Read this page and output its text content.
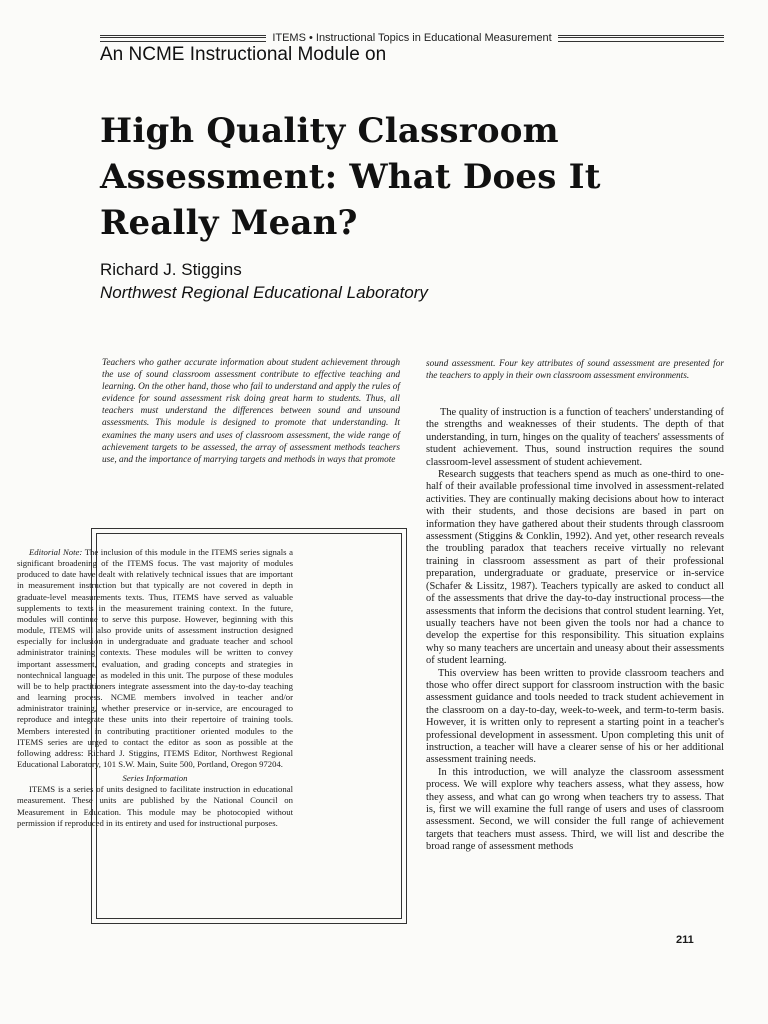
ITEMS • Instructional Topics in Educational Measurement
An NCME Instructional Module on
High Quality Classroom Assessment: What Does It Really Mean?
Richard J. Stiggins
Northwest Regional Educational Laboratory
Teachers who gather accurate information about student achievement through the use of sound classroom assessment contribute to effective teaching and learning. On the other hand, those who fail to understand and apply the rules of evidence for sound assessment risk doing great harm to students. Thus, all teachers must understand the differences between sound and unsound assessments. This module is designed to promote that understanding. It examines the many users and uses of classroom assessment, the wide range of achievement targets to be assessed, the array of assessment methods teachers use, and the importance of marrying targets and methods in ways that promote
Editorial Note: The inclusion of this module in the ITEMS series signals a significant broadening of the ITEMS focus. The vast majority of modules produced to date have dealt with relatively technical issues that are important in measurement instruction but that typically are not covered in depth in graduate-level measurements texts. Thus, ITEMS have served as valuable supplements to texts in the measurement training context. In the future, modules will continue to serve this purpose. However, beginning with this module, ITEMS will also provide units of assessment instruction designed especially for inclusion in undergraduate and graduate teacher and school administrator training contexts. These modules will be written to convey important assessment, evaluation, and grading concepts and strategies in nontechnical language, as modeled in this unit. The purpose of these modules will be to help practitioners integrate assessment into the day-to-day teaching and learning process. NCME members involved in teacher and/or administrator training, whether preservice or in-service, are encouraged to reproduce and integrate these units into their repertoire of training tools. Members interested in contributing practitioner oriented modules to the ITEMS series are urged to contact the editor as soon as possible at the following address: Richard J. Stiggins, ITEMS Editor, Northwest Regional Educational Laboratory, 101 S.W. Main, Suite 500, Portland, Oregon 97204.
Series Information
ITEMS is a series of units designed to facilitate instruction in educational measurement. These units are published by the National Council on Measurement in Education. This module may be photocopied without permission if reproduced in its entirety and used for instructional purposes.
sound assessment. Four key attributes of sound assessment are presented for the teachers to apply in their own classroom assessment environments.

The quality of instruction is a function of teachers' understanding of the strengths and weaknesses of their students. The depth of that understanding, in turn, hinges on the quality of teachers' assessments of student achievement. Thus, sound instruction requires the sound classroom-level assessment of student achievement.

Research suggests that teachers spend as much as one-third to one-half of their available professional time involved in assessment-related activities. They are continually making decisions about how to interact with their students, and those decisions are based in part on information they have gathered about their students through classroom assessment (Stiggins & Conklin, 1992). And yet, other research reveals the troubling paradox that teachers receive virtually no relevant training in classroom assessment as part of their professional preparation, undergraduate or graduate, preservice or in-service (Schafer & Lissitz, 1987). Teachers typically are asked to conduct all of the assessments that drive the day-to-day instructional process—the assessments that inform the decisions that control student learning. Yet, usually teachers have not been given the tools nor had a chance to develop the expertise for this responsibility. This situation explains why so many teachers are uncertain and uneasy about their assessments of student learning.

This overview has been written to provide classroom teachers and those who offer direct support for classroom instruction with the basic assessment guidance and tools needed to track student achievement in the classroom on a day-to-day, week-to-week, and term-to-term basis. However, it is written only to represent a starting point in a teacher's professional development in assessment. Upon completing this unit of instruction, a teacher will have a clearer sense of his or her additional assessment training needs.

In this introduction, we will analyze the classroom assessment process. We will explore why teachers assess, what they assess, how they assess, and what can go wrong when teachers try to assess. That is, first we will examine the full range of users and uses of classroom assessment. Second, we will consider the full range of achievement targets that teachers must assess. Third, we will list and describe the broad range of assessment methods

211
